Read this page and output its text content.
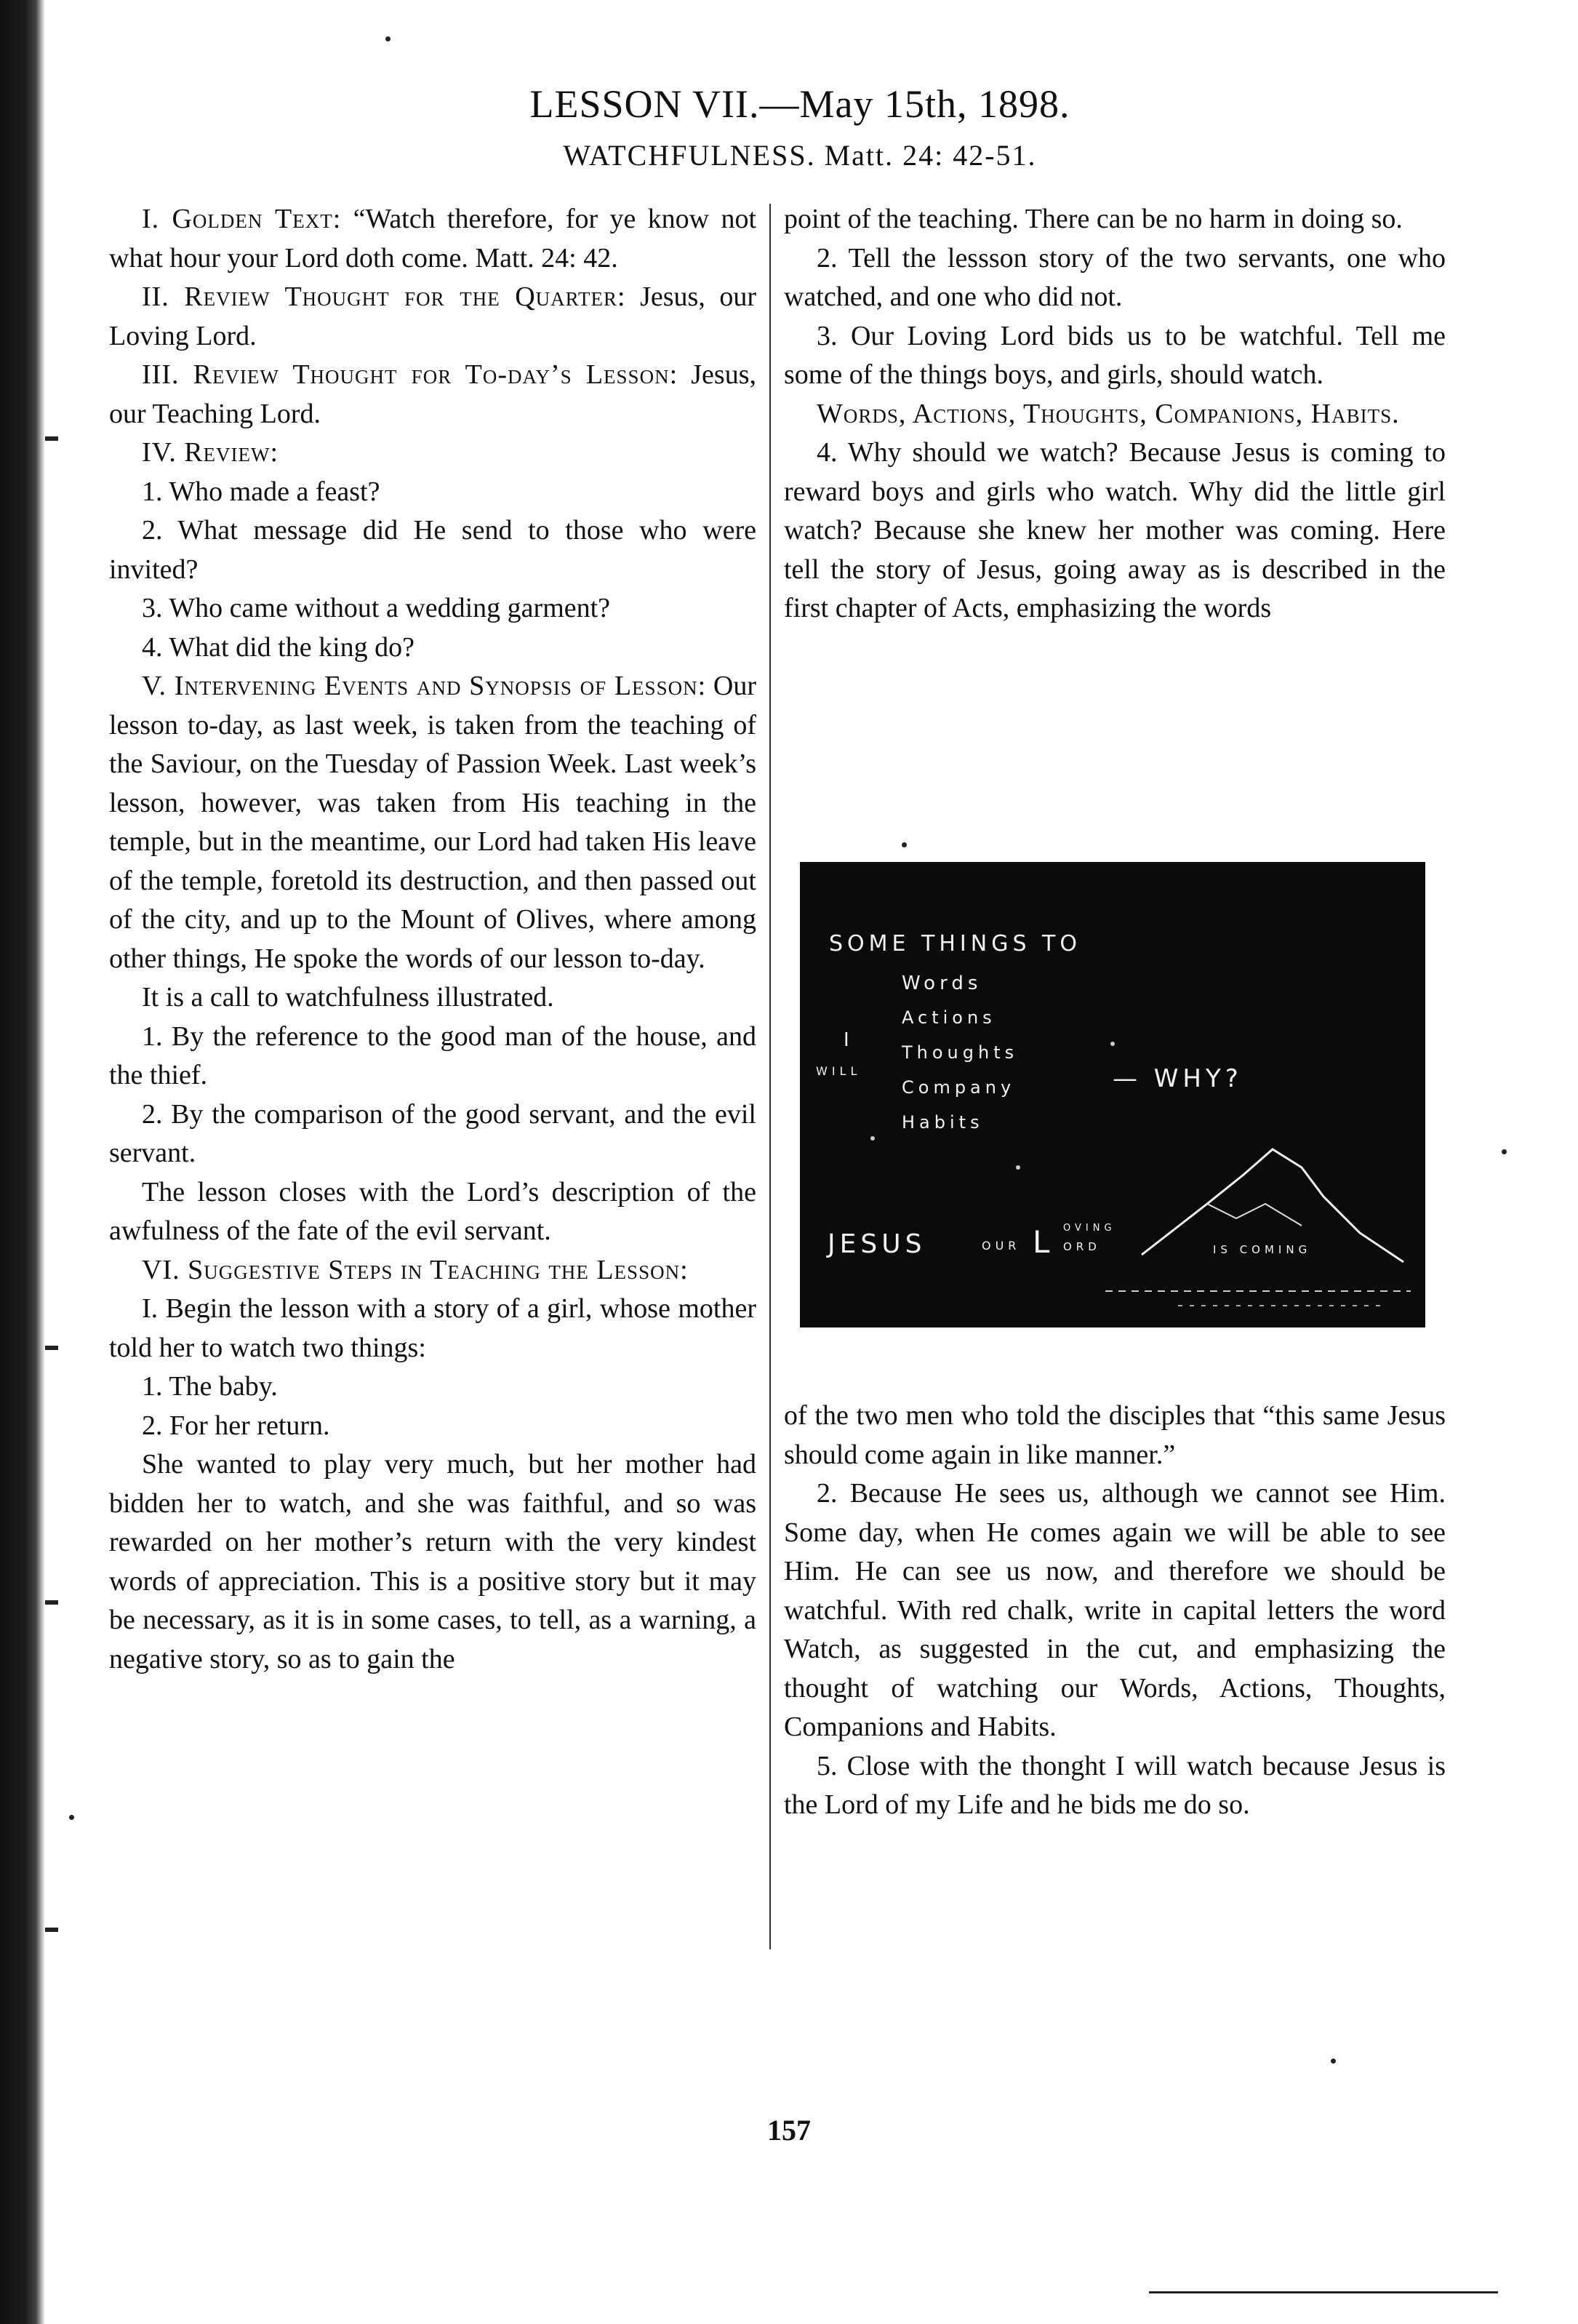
LESSON VII.—May 15th, 1898.
WATCHFULNESS. Matt. 24: 42-51.

I. Golden Text: “Watch therefore, for ye know not what hour your Lord doth come. Matt. 24: 42.

II. Review Thought for the Quarter: Jesus, our Loving Lord.

III. Review Thought for To-day’s Lesson: Jesus, our Teaching Lord.

IV. Review:

1. Who made a feast?

2. What message did He send to those who were invited?

3. Who came without a wedding garment?

4. What did the king do?

V. Intervening Events and Synopsis of Lesson: Our lesson to-day, as last week, is taken from the teaching of the Saviour, on the Tuesday of Passion Week. Last week’s lesson, however, was taken from His teaching in the temple, but in the meantime, our Lord had taken His leave of the temple, foretold its destruction, and then passed out of the city, and up to the Mount of Olives, where among other things, He spoke the words of our lesson to-day.

It is a call to watchfulness illustrated.

1. By the reference to the good man of the house, and the thief.

2. By the comparison of the good servant, and the evil servant.

The lesson closes with the Lord’s description of the awfulness of the fate of the evil servant.

VI. Suggestive Steps in Teaching the Lesson:

I. Begin the lesson with a story of a girl, whose mother told her to watch two things:

1. The baby.

2. For her return.

She wanted to play very much, but her mother had bidden her to watch, and she was faithful, and so was rewarded on her mother’s return with the very kindest words of appreciation. This is a positive story but it may be necessary, as it is in some cases, to tell, as a warning, a negative story, so as to gain the

point of the teaching. There can be no harm in doing so.

2. Tell the lessson story of the two servants, one who watched, and one who did not.

3. Our Loving Lord bids us to be watchful. Tell me some of the things boys, and girls, should watch.

Words, Actions, Thoughts, Companions, Habits.

4. Why should we watch? Because Jesus is coming to reward boys and girls who watch. Why did the little girl watch? Because she knew her mother was coming. Here tell the story of Jesus, going away as is described in the first chapter of Acts, emphasizing the words

SOME THINGS TO
Words
Actions
I
Thoughts
WILL
Company
Habits
— WHY?
JESUS	OUR L OVING
ORD	IS COMING

of the two men who told the disciples that “this same Jesus should come again in like manner.”

2. Because He sees us, although we cannot see Him. Some day, when He comes again we will be able to see Him. He can see us now, and therefore we should be watchful. With red chalk, write in capital letters the word Watch, as suggested in the cut, and emphasizing the thought of watching our Words, Actions, Thoughts, Companions and Habits.

5. Close with the thonght I will watch because Jesus is the Lord of my Life and he bids me do so.

157
